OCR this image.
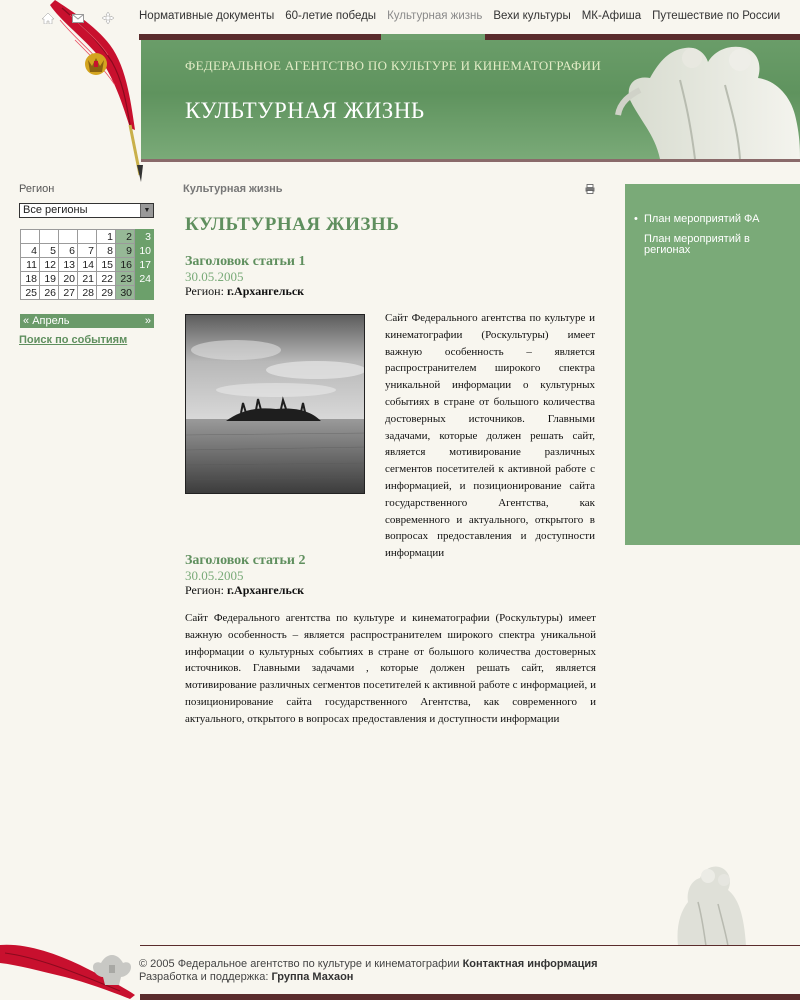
Нормативные документы 60-летие победы Культурная жизнь Вехи культуры МК-Афиша Путешествие по России
ФЕДЕРАЛЬНОЕ АГЕНТСТВО ПО КУЛЬТУРЕ И КИНЕМАТОГРАФИИ
КУЛЬТУРНАЯ ЖИЗНЬ
Регион
Все регионы	▼
				1	2	3
4	5	6	7	8	9	10
11	12	13	14	15	16	17
18	19	20	21	22	23	24
25	26	27	28	29	30	
« Апрель	»
Поиск по событиям
Культурная жизнь
КУЛЬТУРНАЯ ЖИЗНЬ
Заголовок статьи 1
30.05.2005
Регион: г.Архангельск
Сайт Федерального агентства по культуре и кинематографии (Роскультуры) имеет важную особенность – является распространителем широкого спектра уникальной информации о культурных событиях в стране от большого количества достоверных источников. Главными задачами, которые должен решать сайт, является мотивирование различных сегментов посетителей к активной работе с информацией, и позиционирование сайта государственного Агентства, как современного и актуального, открытого в вопросах предоставления и доступности информации
Заголовок статьи 2
30.05.2005
Регион: г.Архангельск
Сайт Федерального агентства по культуре и кинематографии (Роскультуры) имеет важную особенность – является распространителем широкого спектра уникальной информации о культурных событиях в стране от большого количества достоверных источников. Главными задачами , которые должен решать сайт, является мотивирование различных сегментов посетителей к активной работе с информацией, и позиционирование сайта государственного Агентства, как современного и актуального, открытого в вопросах предоставления и доступности информации
• План мероприятий ФА
План мероприятий в регионах
© 2005 Федеральное агентство по культуре и кинематографии Контактная информация
Разработка и поддержка: Группа Махаон
